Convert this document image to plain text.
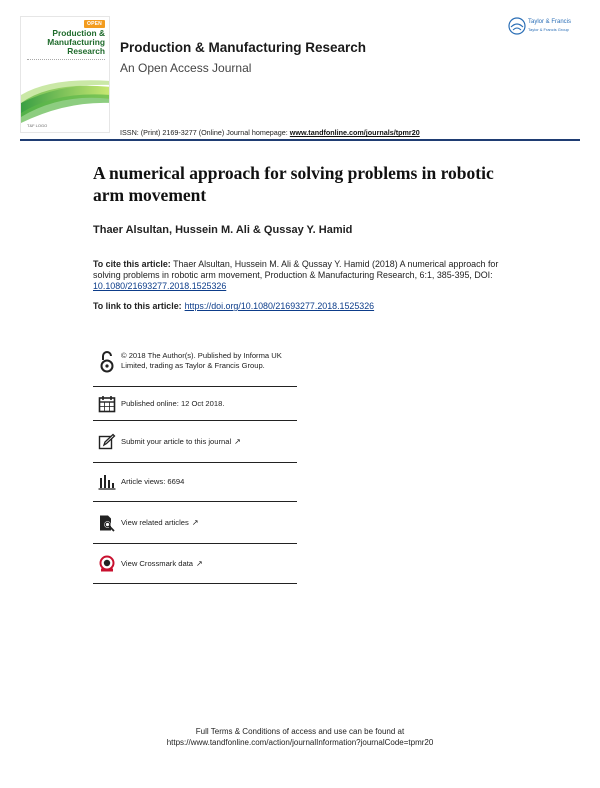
OPEN
Production &
Manufacturing
Research
T&F LOGO
Production & Manufacturing Research
An Open Access Journal
ISSN: (Print) 2169-3277 (Online) Journal homepage: www.tandfonline.com/journals/tpmr20
Taylor & Francis
Taylor & Francis Group
A numerical approach for solving problems in robotic arm movement
Thaer Alsultan, Hussein M. Ali & Qussay Y. Hamid
To cite this article: Thaer Alsultan, Hussein M. Ali & Qussay Y. Hamid (2018) A numerical approach for solving problems in robotic arm movement, Production & Manufacturing Research, 6:1, 385-395, DOI: 10.1080/21693277.2018.1525326
To link to this article: https://doi.org/10.1080/21693277.2018.1525326
© 2018 The Author(s). Published by Informa UK Limited, trading as Taylor & Francis Group.
Published online: 12 Oct 2018.
Submit your article to this journal ↗
Article views: 6694
View related articles ↗
View Crossmark data ↗
Full Terms & Conditions of access and use can be found at
https://www.tandfonline.com/action/journalInformation?journalCode=tpmr20
